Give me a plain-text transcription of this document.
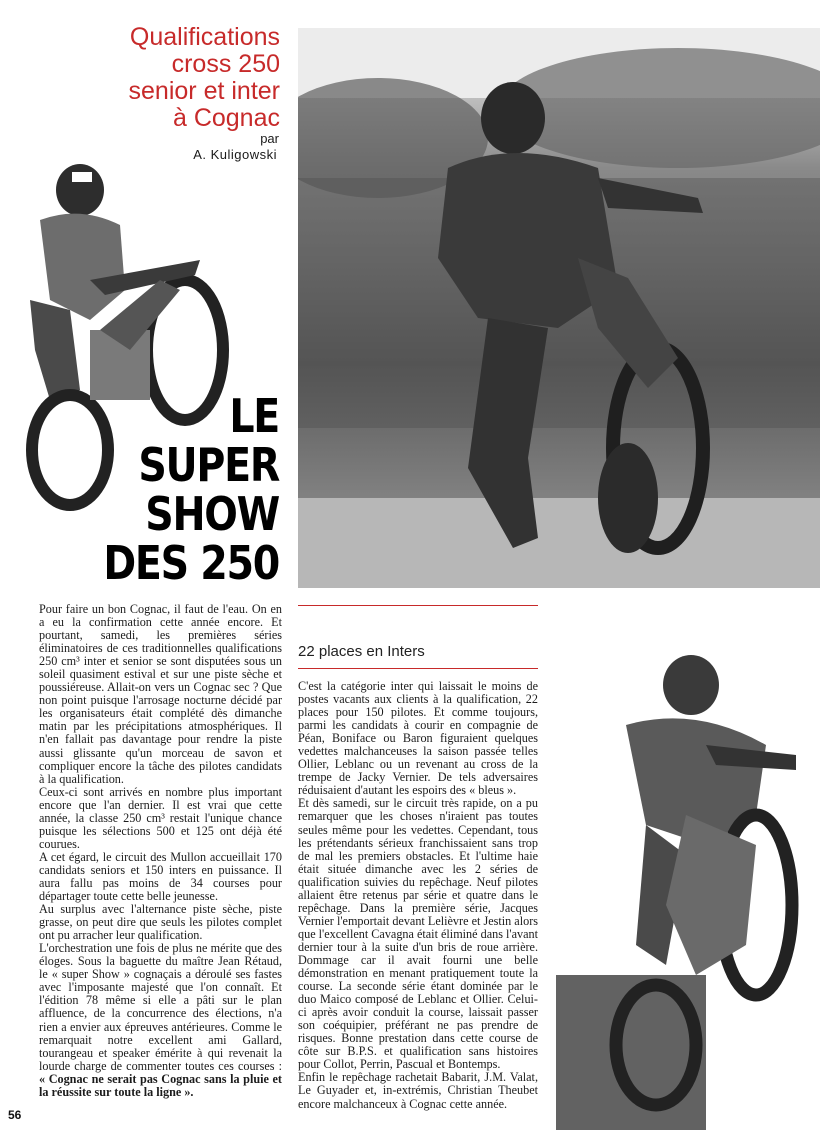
Qualifications
cross 250
senior et inter
à Cognac
par
A. Kuligowski
LE
SUPER
SHOW
DES 250

Pour faire un bon Cognac, il faut de l'eau. On en a eu la confirmation cette année encore. Et pourtant, samedi, les premières séries éliminatoires de ces traditionnelles qualifications 250 cm³ inter et senior se sont disputées sous un soleil quasiment estival et sur une piste sèche et poussiéreuse. Allait-on vers un Cognac sec ? Que non point puisque l'arrosage nocturne décidé par les organisateurs était complété dès dimanche matin par les précipitations atmosphériques. Il n'en fallait pas davantage pour rendre la piste aussi glissante qu'un morceau de savon et compliquer encore la tâche des pilotes candidats à la qualification.

Ceux-ci sont arrivés en nombre plus important encore que l'an dernier. Il est vrai que cette année, la classe 250 cm³ restait l'unique chance puisque les sélections 500 et 125 ont déjà été courues.

A cet égard, le circuit des Mullon accueillait 170 candidats seniors et 150 inters en puissance. Il aura fallu pas moins de 34 courses pour départager toute cette belle jeunesse.

Au surplus avec l'alternance piste sèche, piste grasse, on peut dire que seuls les pilotes complet ont pu arracher leur qualification.

L'orchestration une fois de plus ne mérite que des éloges. Sous la baguette du maître Jean Rétaud, le « super Show » cognaçais a déroulé ses fastes avec l'imposante majesté que l'on connaît. Et l'édition 78 même si elle a pâti sur le plan affluence, de la concurrence des élections, n'a rien a envier aux épreuves antérieures. Comme le remarquait notre excellent ami Gallard, tourangeau et speaker émérite à qui revenait la lourde charge de commenter toutes ces courses : « Cognac ne serait pas Cognac sans la pluie et la réussite sur toute la ligne ».

22 places en Inters

C'est la catégorie inter qui laissait le moins de postes vacants aux clients à la qualification, 22 places pour 150 pilotes. Et comme toujours, parmi les candidats à courir en compagnie de Péan, Boniface ou Baron figuraient quelques vedettes malchanceuses la saison passée telles Ollier, Leblanc ou un revenant au cross de la trempe de Jacky Vernier. De tels adversaires réduisaient d'autant les espoirs des « bleus ».

Et dès samedi, sur le circuit très rapide, on a pu remarquer que les choses n'iraient pas toutes seules même pour les vedettes. Cependant, tous les prétendants sérieux franchissaient sans trop de mal les premiers obstacles. Et l'ultime haie était située dimanche avec les 2 séries de qualification suivies du repêchage. Neuf pilotes allaient être retenus par série et quatre dans le repêchage. Dans la première série, Jacques Vernier l'emportait devant Lelièvre et Jestin alors que l'excellent Cavagna était éliminé dans l'avant dernier tour à la suite d'un bris de roue arrière. Dommage car il avait fourni une belle démonstration en menant pratiquement toute la course. La seconde série étant dominée par le duo Maico composé de Leblanc et Ollier. Celui-ci après avoir conduit la course, laissait passer son coéquipier, préférant ne pas prendre de risques. Bonne prestation dans cette course de côte sur B.P.S. et qualification sans histoires pour Collot, Perrin, Pascual et Bontemps.

Enfin le repêchage rachetait Babarit, J.M. Valat, Le Guyader et, in-extrémis, Christian Theubet encore malchanceux à Cognac cette année.

56
